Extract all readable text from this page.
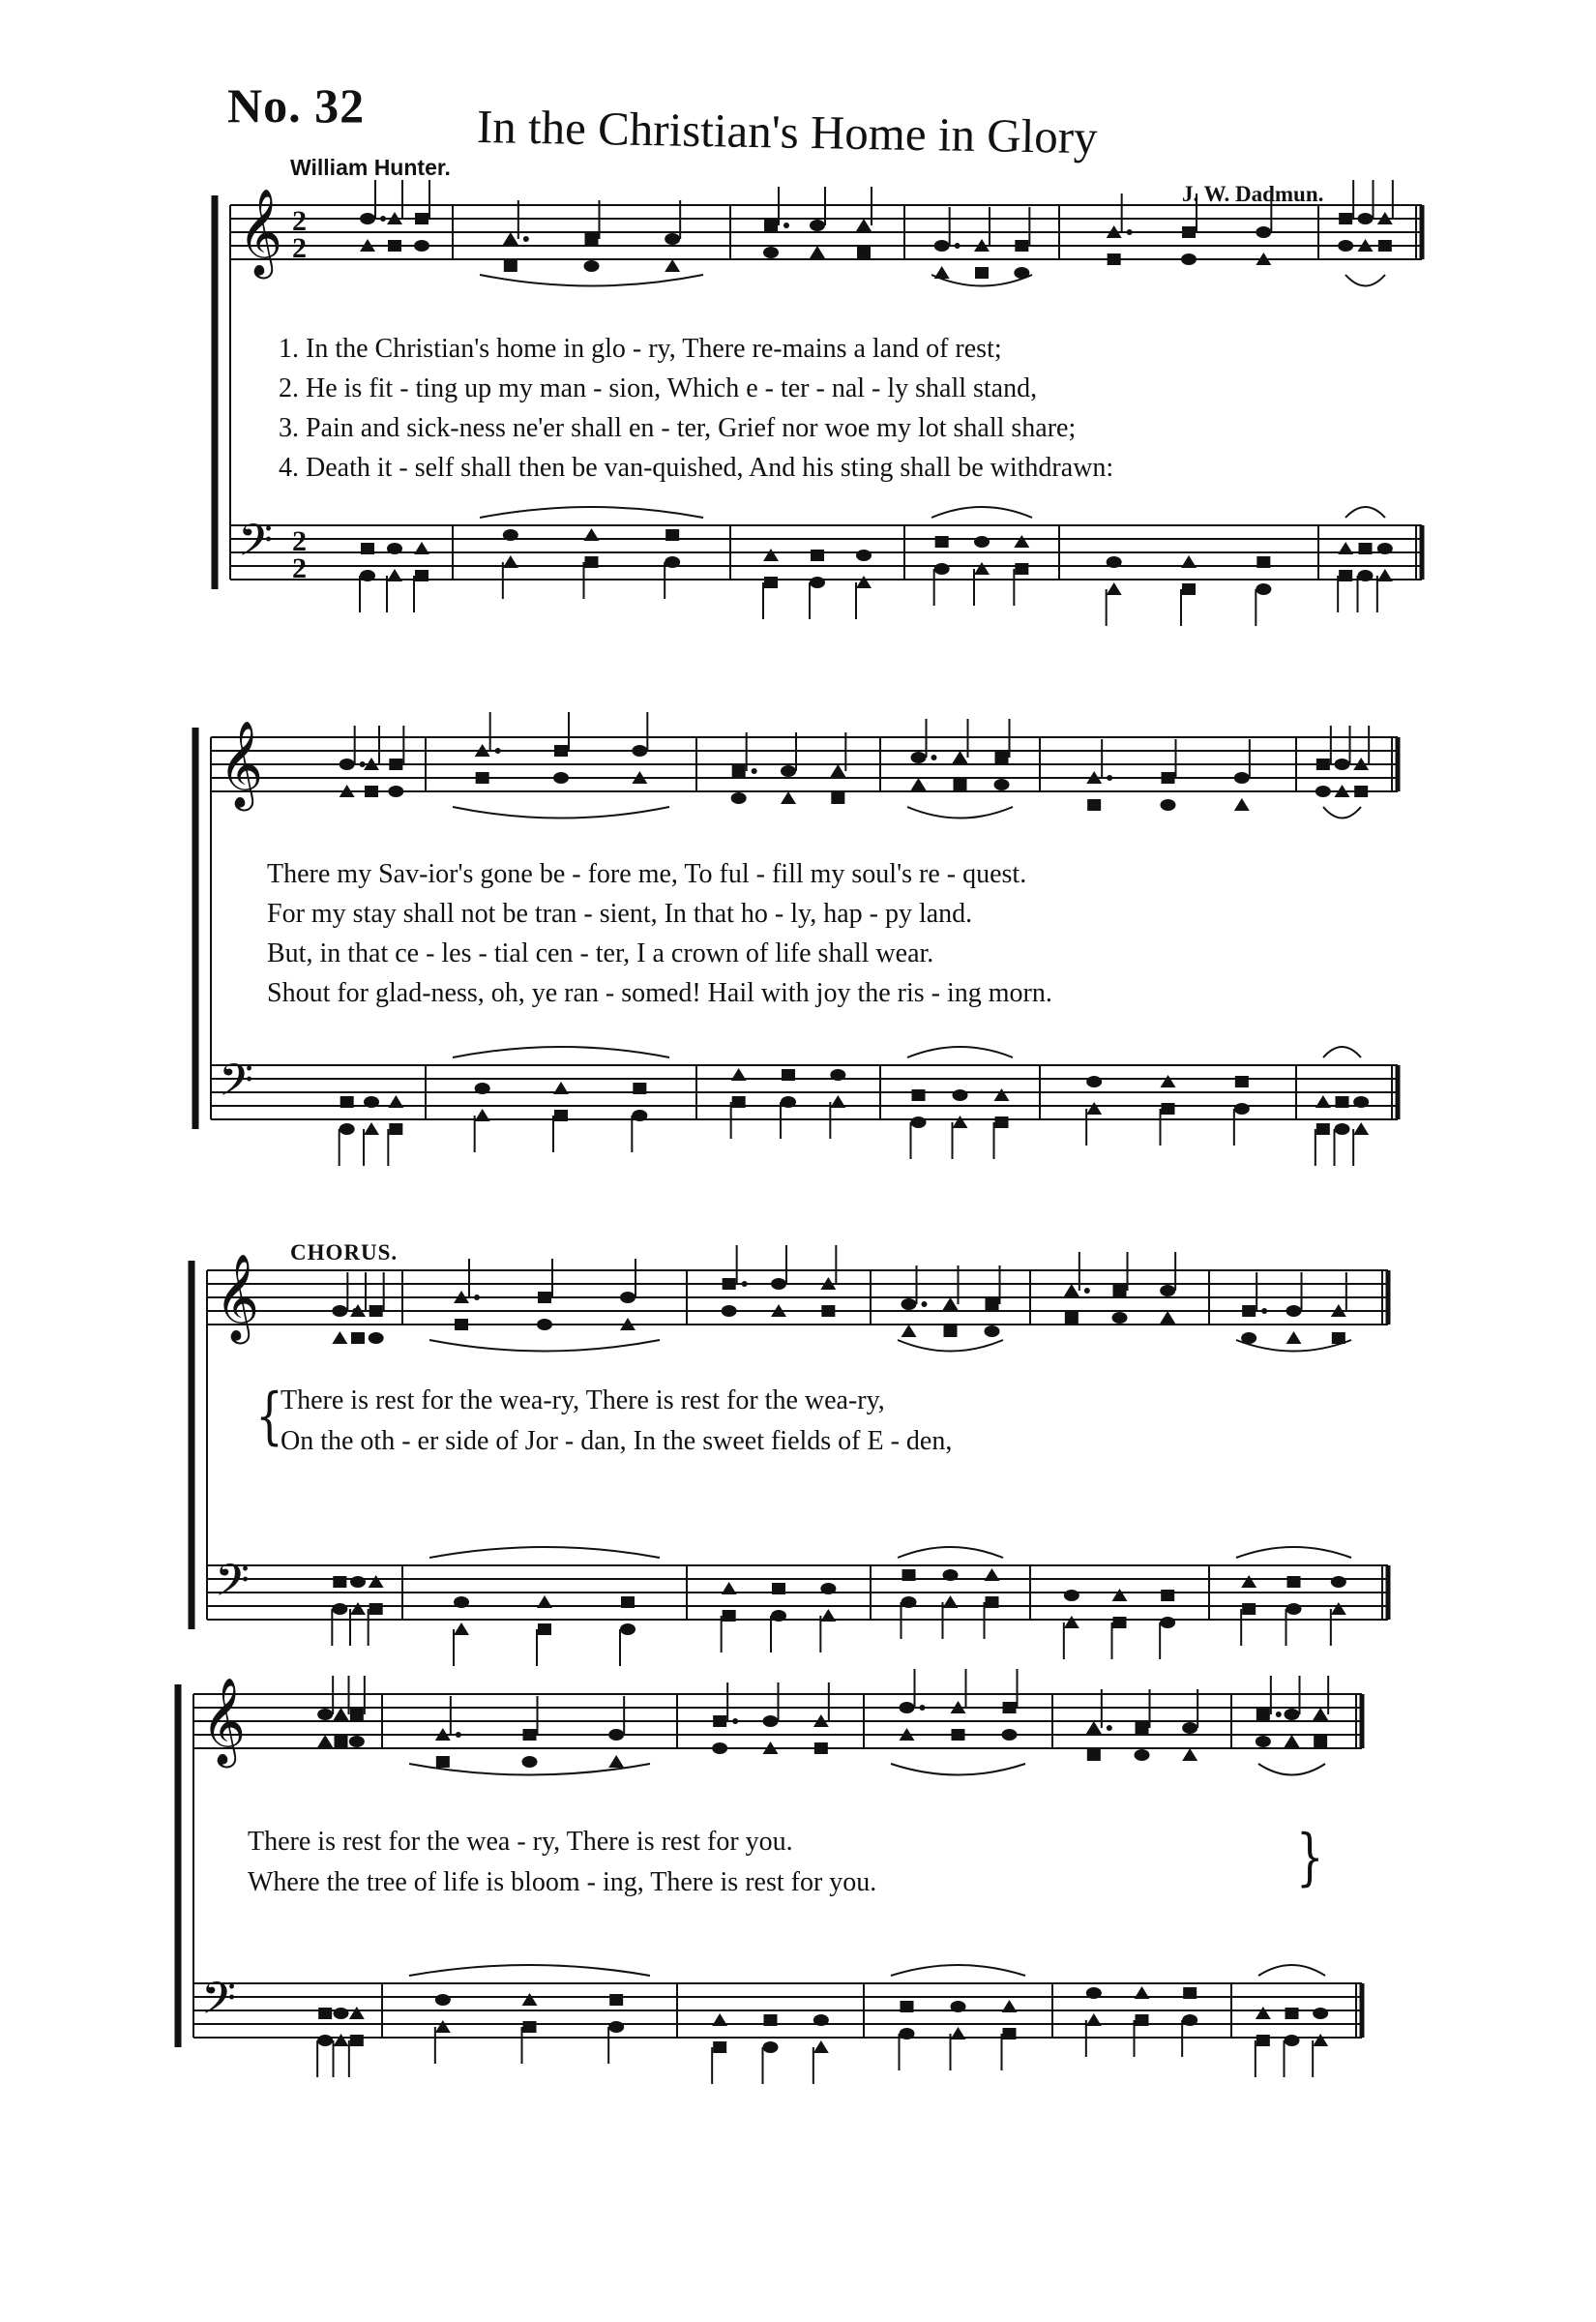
No. 32 In the Christian's Home in Glory
William Hunter.
J. W. Dadmun.
𝄞 2
2
𝄢 2
2
𝄞
𝄢
𝄞
𝄢
𝄞
𝄢
1. In the Christian's home in glo - ry, There re-mains a land of rest;
2. He is fit - ting up my man - sion, Which e - ter - nal - ly shall stand,
3. Pain and sick-ness ne'er shall en - ter, Grief nor woe my lot shall share;
4. Death it - self shall then be van-quished, And his sting shall be withdrawn:
There my Sav-ior's gone be - fore me, To ful - fill my soul's re - quest.
For my stay shall not be tran - sient, In that ho - ly, hap - py land.
But, in that ce - les - tial cen - ter, I a crown of life shall wear.
Shout for glad-ness, oh, ye ran - somed! Hail with joy the ris - ing morn.
CHORUS.
{
There is rest for the wea-ry, There is rest for the wea-ry,
On the oth - er side of Jor - dan, In the sweet fields of E - den,
There is rest for the wea - ry, There is rest for you.
Where the tree of life is bloom - ing, There is rest for you.	}
